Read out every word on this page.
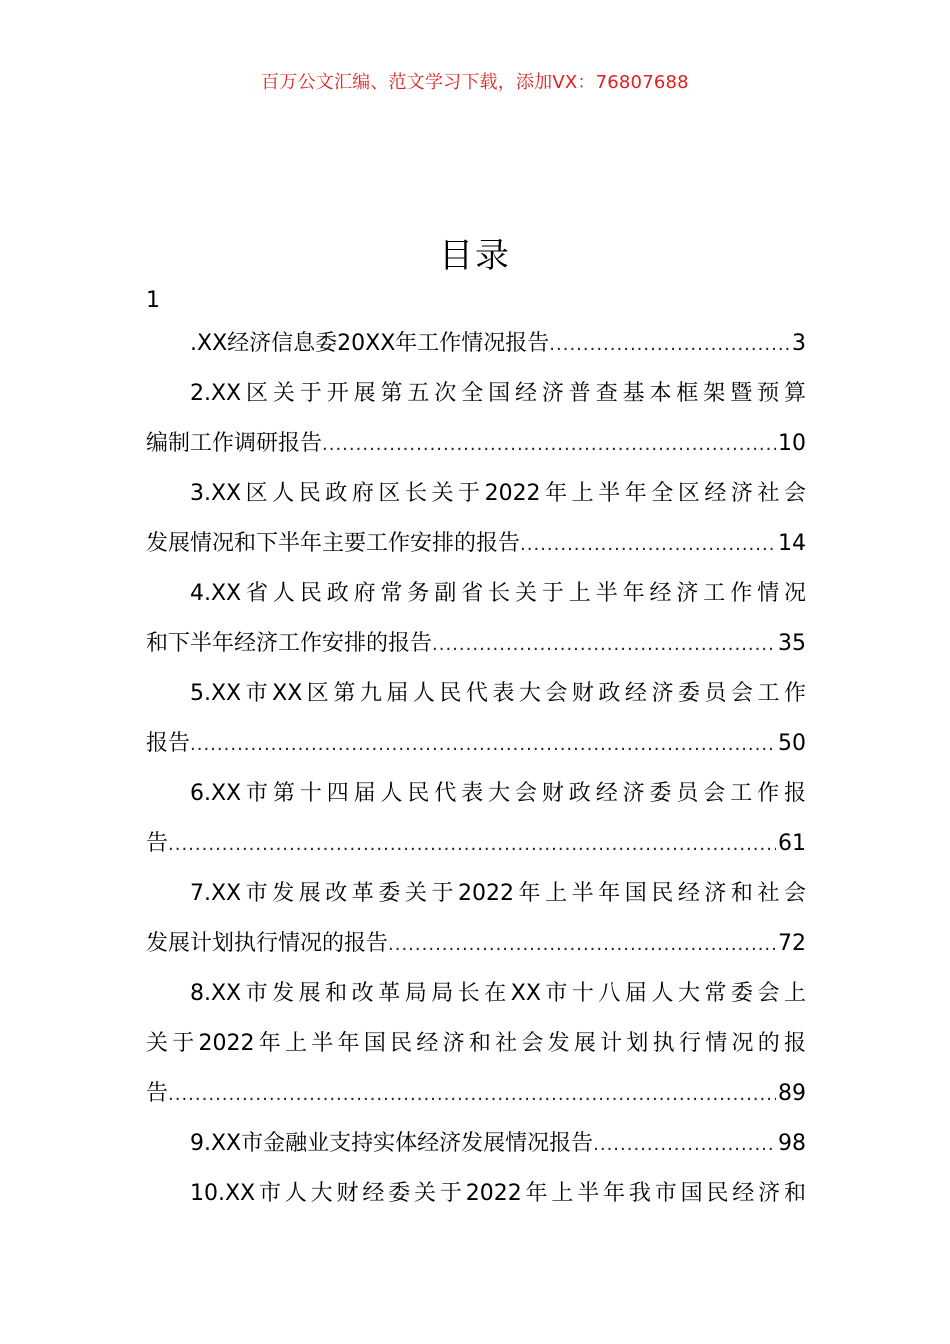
百万公文汇编、范文学习下载，添加VX：76807688
目录
1
.XX经济信息委20XX年工作情况报告 .....	3
2.XX区关于开展第五次全国经济普查基本框架暨预算
编制工作调研报告 .....	10
3.XX区人民政府区长关于2022年上半年全区经济社会
发展情况和下半年主要工作安排的报告 .....	14
4.XX省人民政府常务副省长关于上半年经济工作情况
和下半年经济工作安排的报告 .....	35
5.XX市XX区第九届人民代表大会财政经济委员会工作
报告 .....	50
6.XX市第十四届人民代表大会财政经济委员会工作报
告 .....	61
7.XX市发展改革委关于2022年上半年国民经济和社会
发展计划执行情况的报告 .....	72
8.XX市发展和改革局局长在XX市十八届人大常委会上
关于2022年上半年国民经济和社会发展计划执行情况的报
告 .....	89
9.XX市金融业支持实体经济发展情况报告 .....	98
10.XX市人大财经委关于2022年上半年我市国民经济和
